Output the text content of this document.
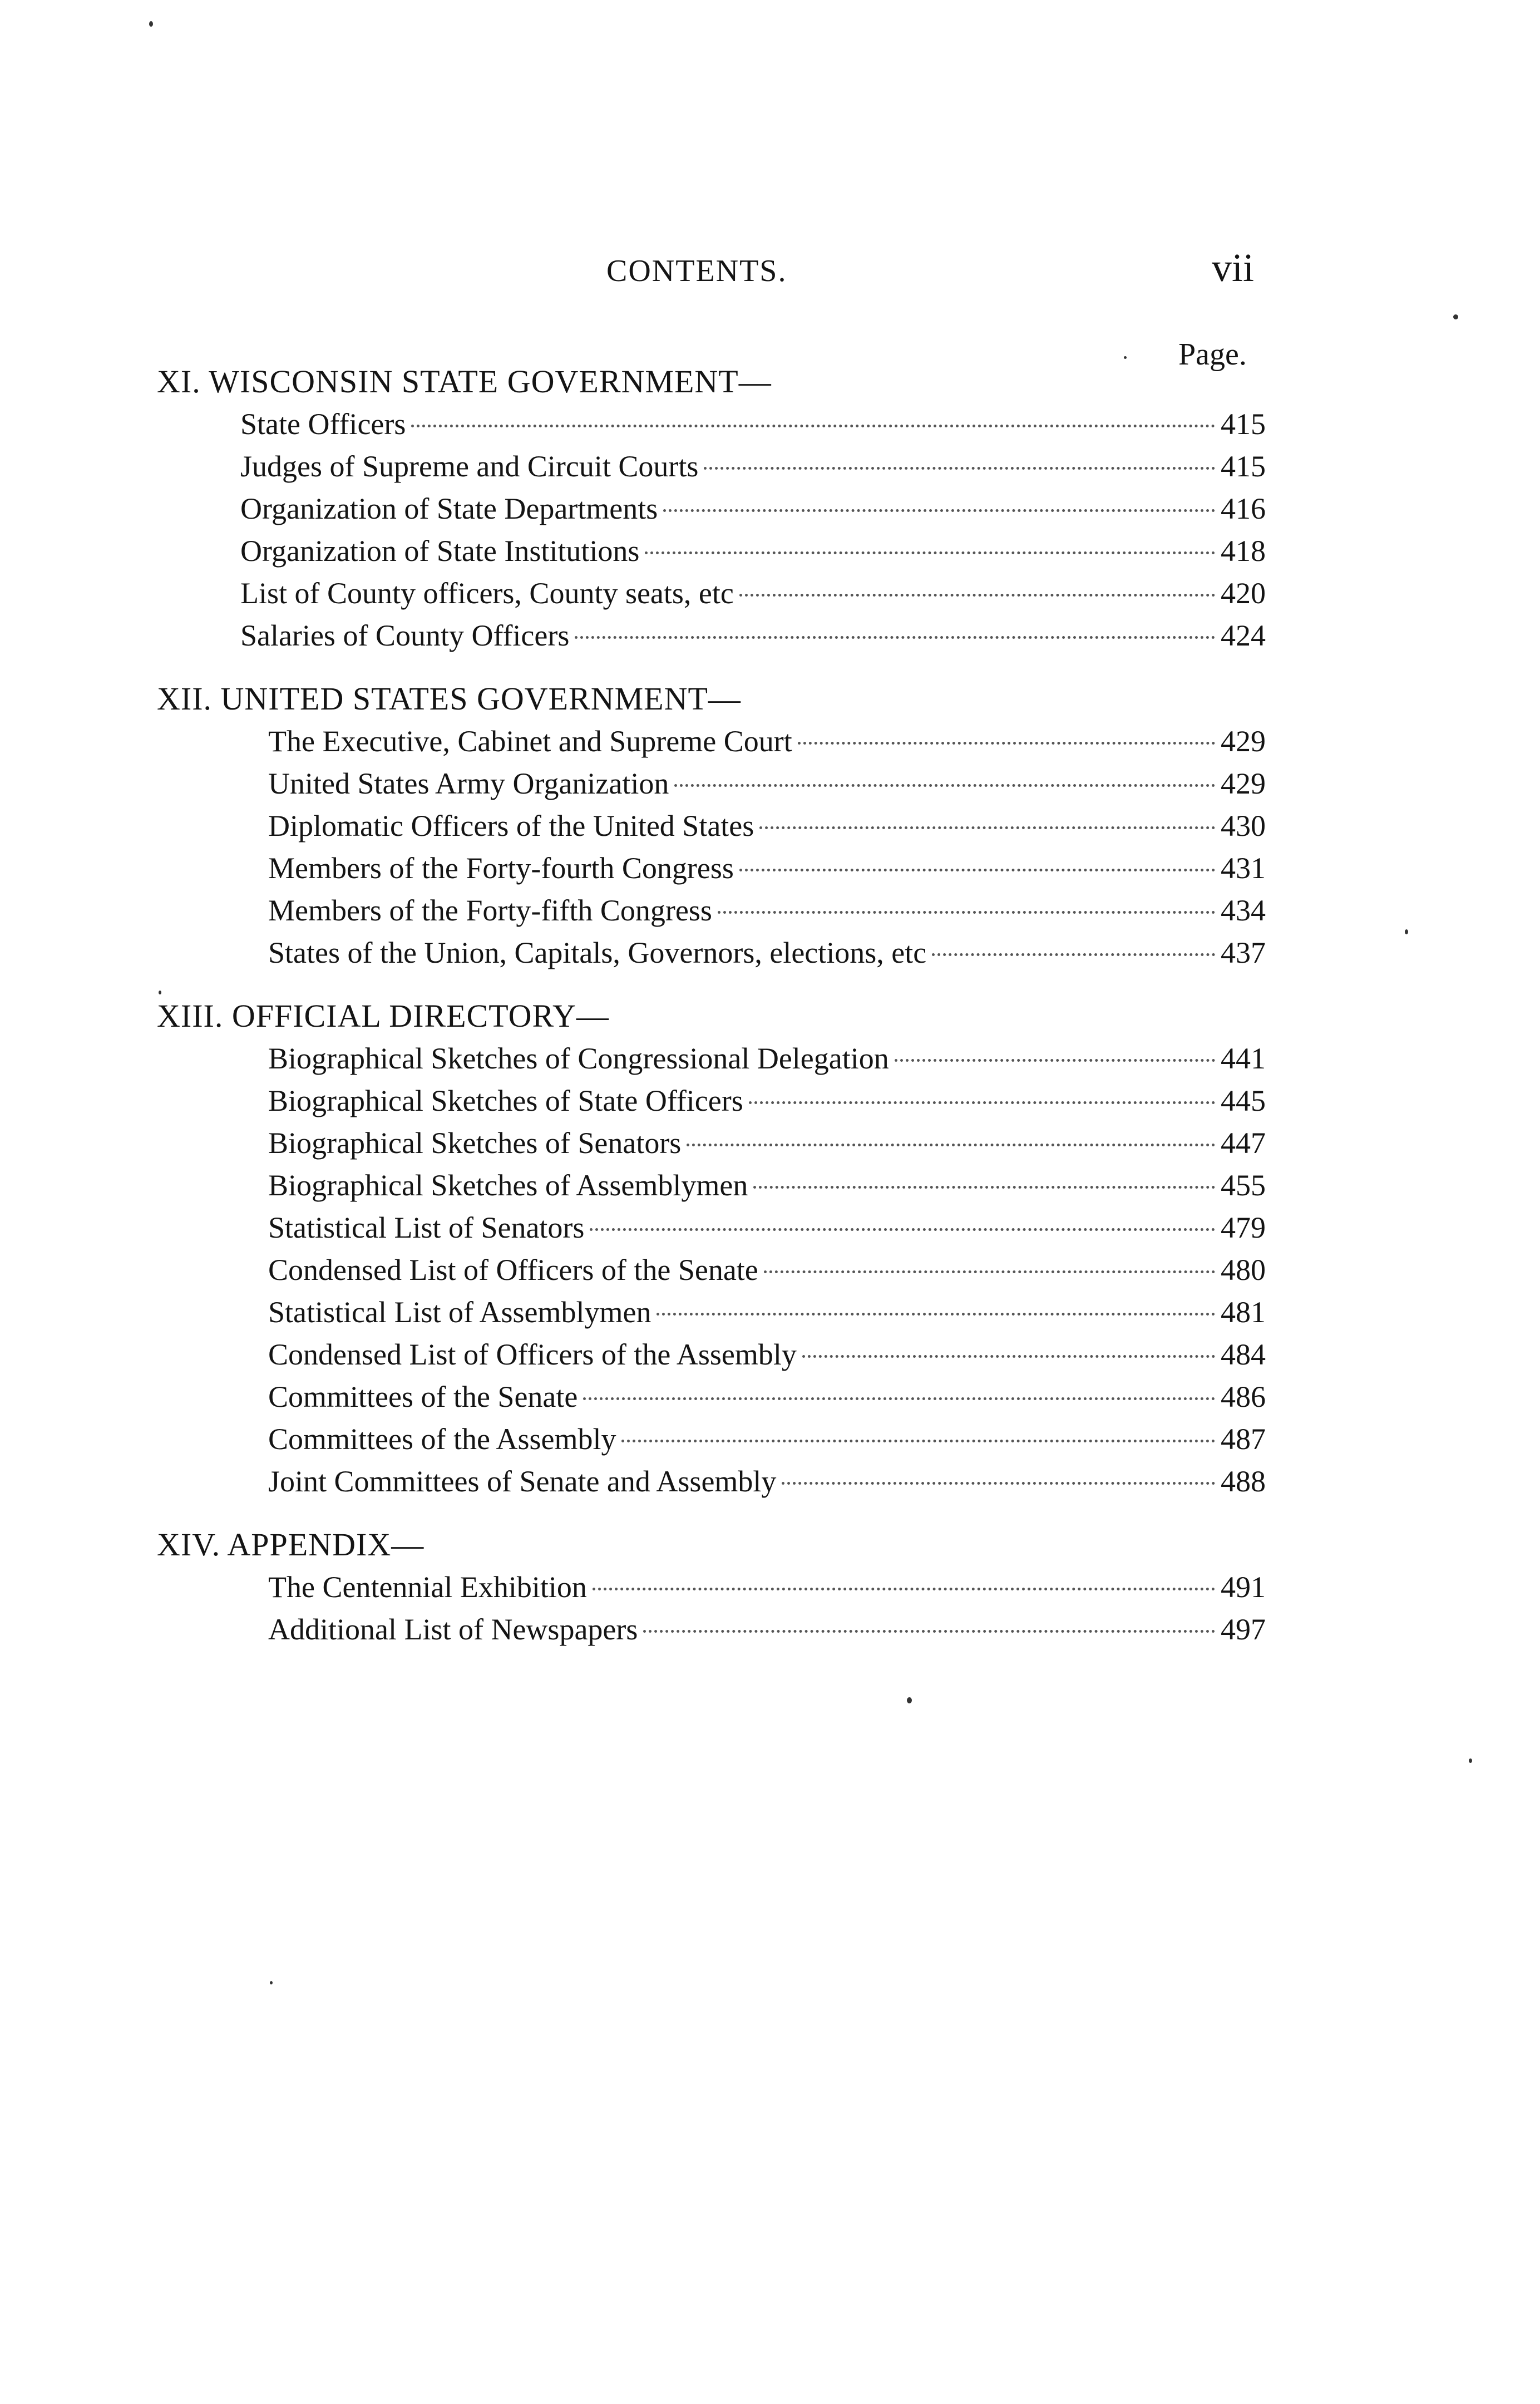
CONTENTS.	vii
Page.
XI. WISCONSIN STATE GOVERNMENT—
State Officers	415
Judges of Supreme and Circuit Courts	415
Organization of State Departments	416
Organization of State Institutions	418
List of County officers, County seats, etc	420
Salaries of County Officers	424
XII. UNITED STATES GOVERNMENT—
The Executive, Cabinet and Supreme Court	429
United States Army Organization	429
Diplomatic Officers of the United States	430
Members of the Forty-fourth Congress	431
Members of the Forty-fifth Congress	434
States of the Union, Capitals, Governors, elections, etc	437
XIII. OFFICIAL DIRECTORY—
Biographical Sketches of Congressional Delegation	441
Biographical Sketches of State Officers	445
Biographical Sketches of Senators	447
Biographical Sketches of Assemblymen	455
Statistical List of Senators	479
Condensed List of Officers of the Senate	480
Statistical List of Assemblymen	481
Condensed List of Officers of the Assembly	484
Committees of the Senate	486
Committees of the Assembly	487
Joint Committees of Senate and Assembly	488
XIV. APPENDIX—
The Centennial Exhibition	491
Additional List of Newspapers	497
